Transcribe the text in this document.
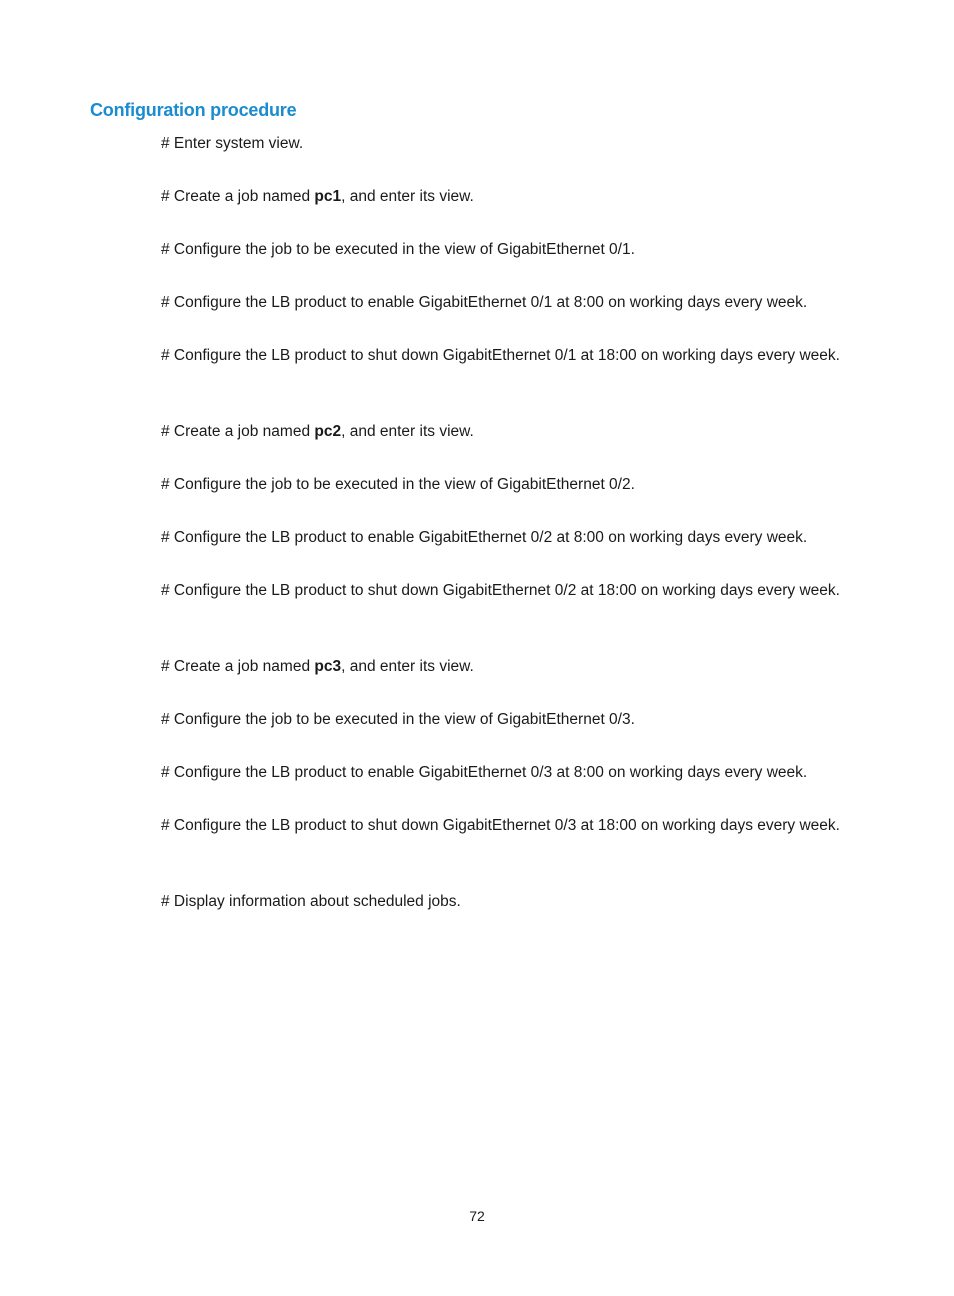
Configuration procedure
# Enter system view.
# Create a job named pc1, and enter its view.
# Configure the job to be executed in the view of GigabitEthernet 0/1.
# Configure the LB product to enable GigabitEthernet 0/1 at 8:00 on working days every week.
# Configure the LB product to shut down GigabitEthernet 0/1 at 18:00 on working days every week.
# Create a job named pc2, and enter its view.
# Configure the job to be executed in the view of GigabitEthernet 0/2.
# Configure the LB product to enable GigabitEthernet 0/2 at 8:00 on working days every week.
# Configure the LB product to shut down GigabitEthernet 0/2 at 18:00 on working days every week.
# Create a job named pc3, and enter its view.
# Configure the job to be executed in the view of GigabitEthernet 0/3.
# Configure the LB product to enable GigabitEthernet 0/3 at 8:00 on working days every week.
# Configure the LB product to shut down GigabitEthernet 0/3 at 18:00 on working days every week.
# Display information about scheduled jobs.
72
